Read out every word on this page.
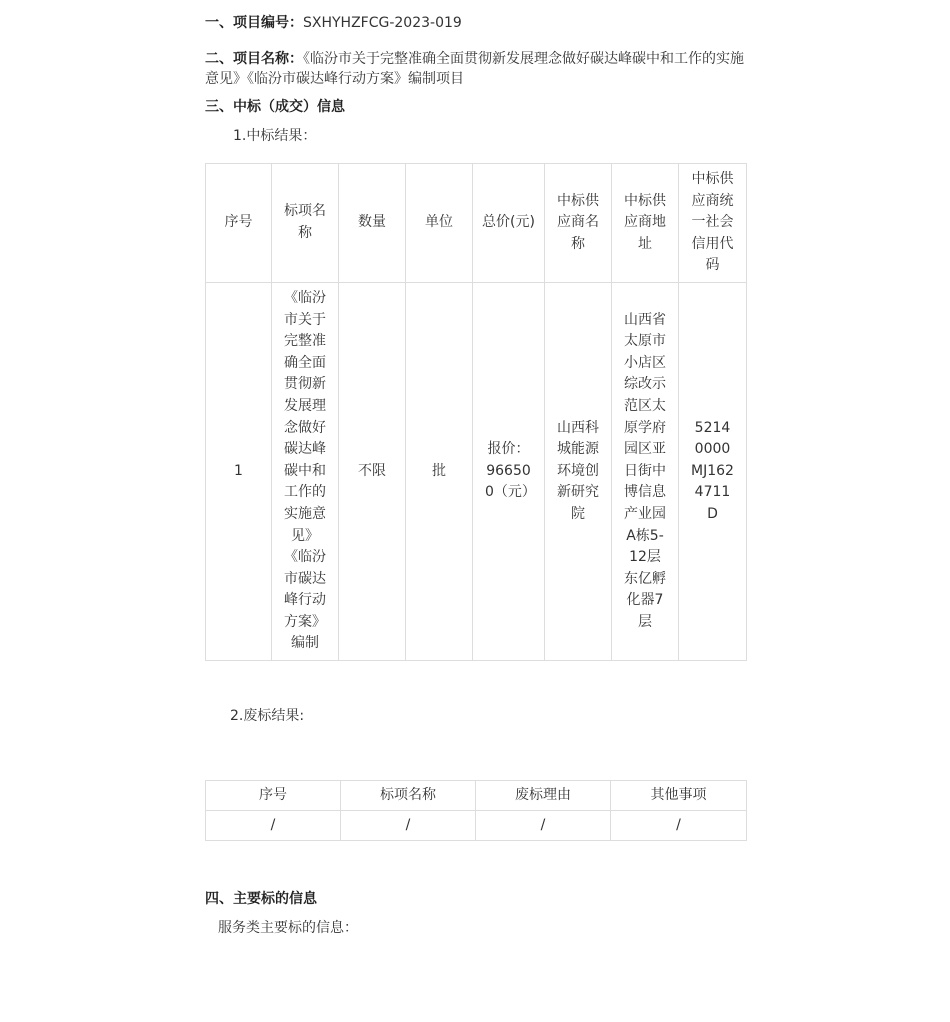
一、项目编号：SXHYHZFCG-2023-019
二、项目名称：《临汾市关于完整准确全面贯彻新发展理念做好碳达峰碳中和工作的实施意见》《临汾市碳达峰行动方案》编制项目
三、中标（成交）信息
1.中标结果：
序号	标项名称	数量	单位	总价(元)	中标供应商名称	中标供应商地址	中标供应商统一社会信用代码
1	《临汾市关于完整准确全面贯彻新发展理念做好碳达峰碳中和工作的实施意见》《临汾市碳达峰行动方案》编制	不限	批	报价：966500（元）	山西科城能源环境创新研究院	山西省太原市小店区综改示范区太原学府园区亚日街中博信息产业园A栋5-12层东亿孵化器7层	52140000MJ1624711D
2.废标结果:
序号	标项名称	废标理由	其他事项
/	/	/	/
四、主要标的信息
服务类主要标的信息：
